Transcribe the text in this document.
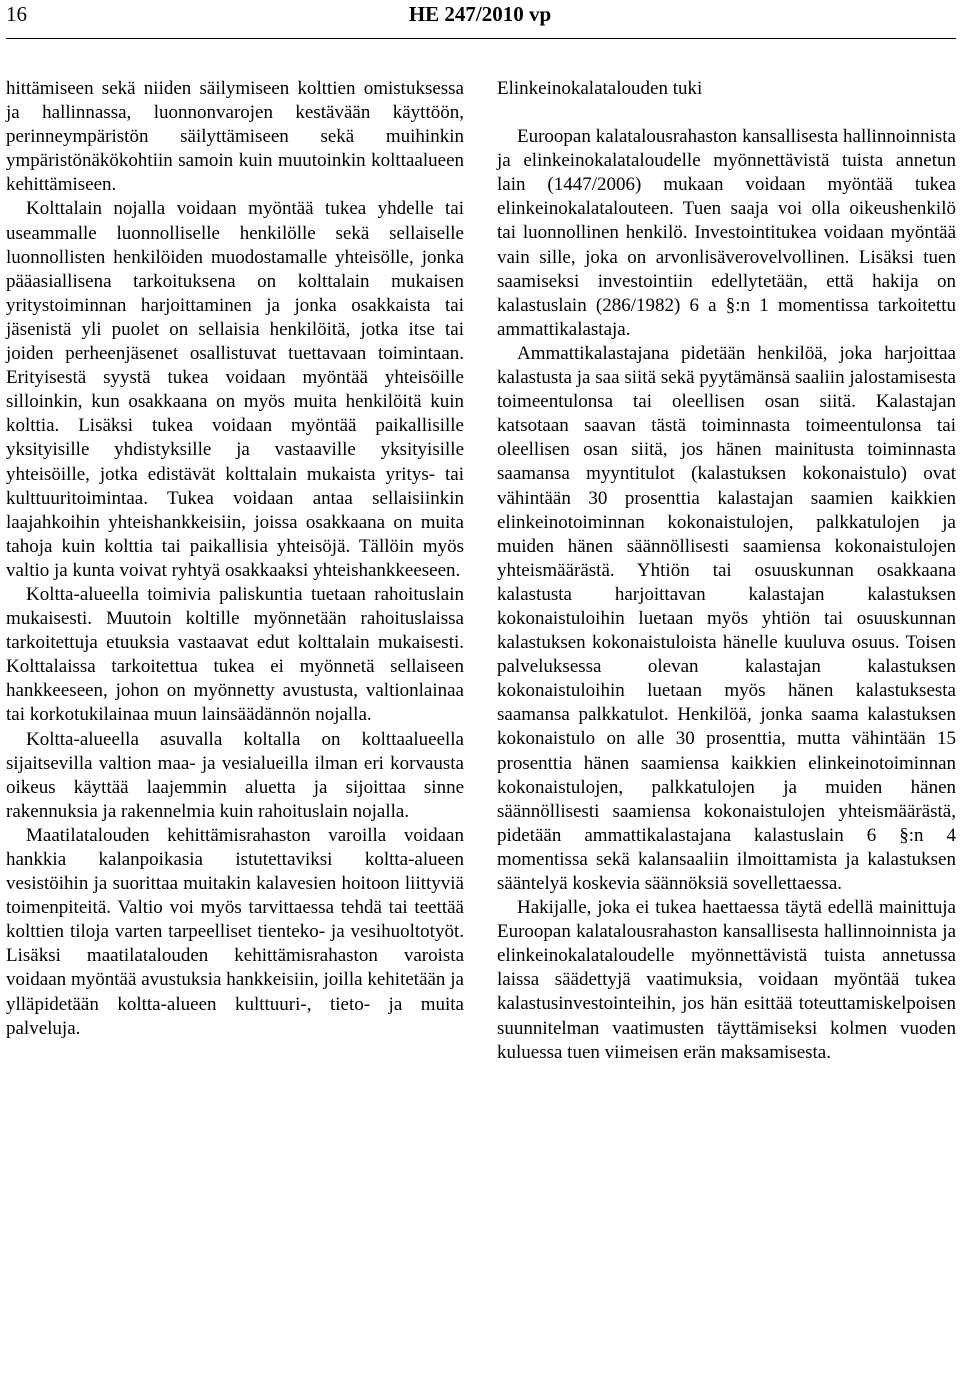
16	HE 247/2010 vp

hittämiseen sekä niiden säilymiseen kolttien omistuksessa ja hallinnassa, luonnonvarojen kestävään käyttöön, perinneympäristön säilyttämiseen sekä muihinkin ympäristönäkökohtiin samoin kuin muutoinkin kolttaalueen kehittämiseen.

Kolttalain nojalla voidaan myöntää tukea yhdelle tai useammalle luonnolliselle henkilölle sekä sellaiselle luonnollisten henkilöiden muodostamalle yhteisölle, jonka pääasiallisena tarkoituksena on kolttalain mukaisen yritystoiminnan harjoittaminen ja jonka osakkaista tai jäsenistä yli puolet on sellaisia henkilöitä, jotka itse tai joiden perheenjäsenet osallistuvat tuettavaan toimintaan. Erityisestä syystä tukea voidaan myöntää yhteisöille silloinkin, kun osakkaana on myös muita henkilöitä kuin kolttia. Lisäksi tukea voidaan myöntää paikallisille yksityisille yhdistyksille ja vastaaville yksityisille yhteisöille, jotka edistävät kolttalain mukaista yritys- tai kulttuuritoimintaa. Tukea voidaan antaa sellaisiinkin laajahkoihin yhteishankkeisiin, joissa osakkaana on muita tahoja kuin kolttia tai paikallisia yhteisöjä. Tällöin myös valtio ja kunta voivat ryhtyä osakkaaksi yhteishankkeeseen.

Koltta-alueella toimivia paliskuntia tuetaan rahoituslain mukaisesti. Muutoin koltille myönnetään rahoituslaissa tarkoitettuja etuuksia vastaavat edut kolttalain mukaisesti. Kolttalaissa tarkoitettua tukea ei myönnetä sellaiseen hankkeeseen, johon on myönnetty avustusta, valtionlainaa tai korkotukilainaa muun lainsäädännön nojalla.

Koltta-alueella asuvalla koltalla on kolttaalueella sijaitsevilla valtion maa- ja vesialueilla ilman eri korvausta oikeus käyttää laajemmin aluetta ja sijoittaa sinne rakennuksia ja rakennelmia kuin rahoituslain nojalla.

Maatilatalouden kehittämisrahaston varoilla voidaan hankkia kalanpoikasia istutettaviksi koltta-alueen vesistöihin ja suorittaa muitakin kalavesien hoitoon liittyviä toimenpiteitä. Valtio voi myös tarvittaessa tehdä tai teettää kolttien tiloja varten tarpeelliset tienteko- ja vesihuoltotyöt. Lisäksi maatilatalouden kehittämisrahaston varoista voidaan myöntää avustuksia hankkeisiin, joilla kehitetään ja ylläpidetään koltta-alueen kulttuuri-, tieto- ja muita palveluja.

Elinkeinokalatalouden tuki

Euroopan kalatalousrahaston kansallisesta hallinnoinnista ja elinkeinokalataloudelle myönnettävistä tuista annetun lain (1447/2006) mukaan voidaan myöntää tukea elinkeinokalatalouteen. Tuen saaja voi olla oikeushenkilö tai luonnollinen henkilö. Investointitukea voidaan myöntää vain sille, joka on arvonlisäverovelvollinen. Lisäksi tuen saamiseksi investointiin edellytetään, että hakija on kalastuslain (286/1982) 6 a §:n 1 momentissa tarkoitettu ammattikalastaja.

Ammattikalastajana pidetään henkilöä, joka harjoittaa kalastusta ja saa siitä sekä pyytämänsä saaliin jalostamisesta toimeentulonsa tai oleellisen osan siitä. Kalastajan katsotaan saavan tästä toiminnasta toimeentulonsa tai oleellisen osan siitä, jos hänen mainitusta toiminnasta saamansa myyntitulot (kalastuksen kokonaistulo) ovat vähintään 30 prosenttia kalastajan saamien kaikkien elinkeinotoiminnan kokonaistulojen, palkkatulojen ja muiden hänen säännöllisesti saamiensa kokonaistulojen yhteismäärästä. Yhtiön tai osuuskunnan osakkaana kalastusta harjoittavan kalastajan kalastuksen kokonaistuloihin luetaan myös yhtiön tai osuuskunnan kalastuksen kokonaistuloista hänelle kuuluva osuus. Toisen palveluksessa olevan kalastajan kalastuksen kokonaistuloihin luetaan myös hänen kalastuksesta saamansa palkkatulot. Henkilöä, jonka saama kalastuksen kokonaistulo on alle 30 prosenttia, mutta vähintään 15 prosenttia hänen saamiensa kaikkien elinkeinotoiminnan kokonaistulojen, palkkatulojen ja muiden hänen säännöllisesti saamiensa kokonaistulojen yhteismäärästä, pidetään ammattikalastajana kalastuslain 6 §:n 4 momentissa sekä kalansaaliin ilmoittamista ja kalastuksen sääntelyä koskevia säännöksiä sovellettaessa.

Hakijalle, joka ei tukea haettaessa täytä edellä mainittuja Euroopan kalatalousrahaston kansallisesta hallinnoinnista ja elinkeinokalataloudelle myönnettävistä tuista annetussa laissa säädettyjä vaatimuksia, voidaan myöntää tukea kalastusinvestointeihin, jos hän esittää toteuttamiskelpoisen suunnitelman vaatimusten täyttämiseksi kolmen vuoden kuluessa tuen viimeisen erän maksamisesta.
